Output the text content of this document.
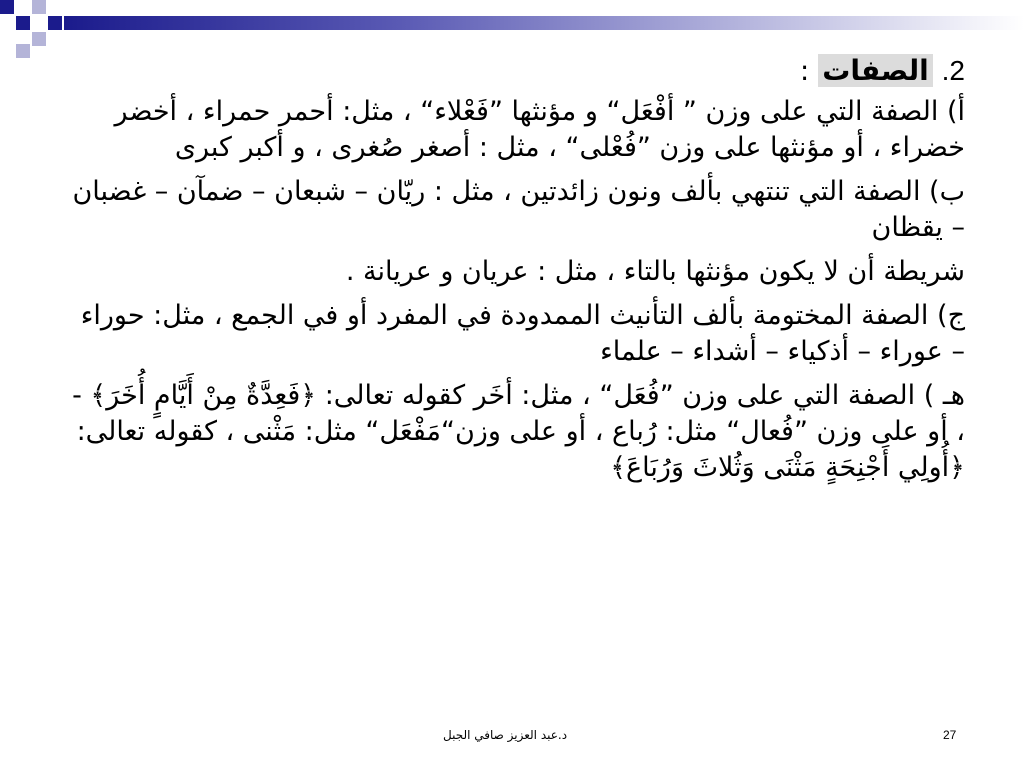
2. الصفات :
أ) الصفة التي على وزن ” أفْعَل“ و مؤنثها ”فَعْلاء“ ، مثل: أحمر حمراء ، أخضر خضراء ، أو مؤنثها على وزن ”فُعْلى“ ، مثل : أصغر صُغرى ، و أكبر كبرى
ب) الصفة التي تنتهي بألف ونون زائدتين ، مثل : ريّان – شبعان – ضمآن – غضبان – يقظان
شريطة أن لا يكون مؤنثها بالتاء ، مثل : عريان و عريانة .
ج) الصفة المختومة بألف التأنيث الممدودة في المفرد أو في الجمع ، مثل: حوراء – عوراء – أذكياء – أشداء – علماء
هـ ) الصفة التي على وزن ”فُعَل“ ، مثل: أخَر كقوله تعالى: ﴿فَعِدَّةٌ مِنْ أَيَّامٍ أُخَرَ﴾ - ، أو على وزن ”فُعال“ مثل: رُباع ، أو على وزن“مَفْعَل“ مثل: مَثْنى ، كقوله تعالى: ﴿أُولِي أَجْنِحَةٍ مَثْنَى وَثُلاثَ وَرُبَاعَ﴾
د.عبد العزيز صافي الجبل	27
